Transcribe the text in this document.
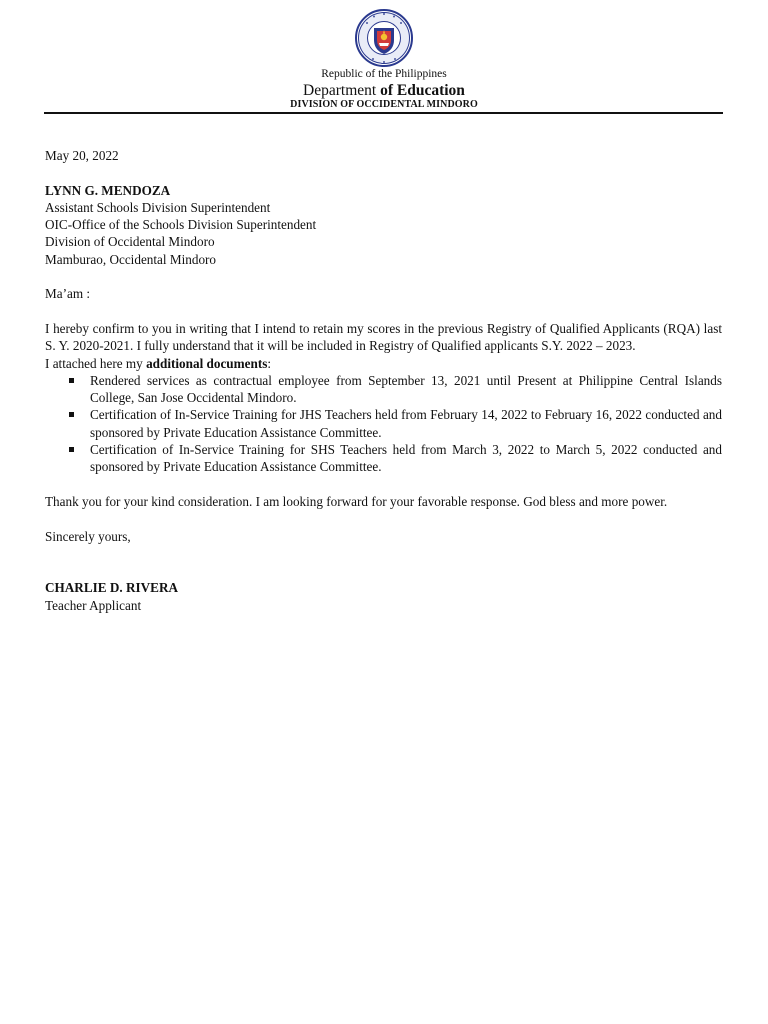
Republic of the Philippines
Department of Education
DIVISION OF OCCIDENTAL MINDORO

May 20, 2022

LYNN G. MENDOZA

Assistant Schools Division Superintendent

OIC-Office of the Schools Division Superintendent

Division of Occidental Mindoro

Mamburao, Occidental Mindoro

Ma’am :

I hereby confirm to you in writing that I intend to retain my scores in the previous Registry of Qualified Applicants (RQA) last S. Y. 2020-2021. I fully understand that it will be included in Registry of Qualified applicants S.Y. 2022 – 2023.

I attached here my additional documents:

Rendered services as contractual employee from September 13, 2021 until Present at Philippine Central Islands College, San Jose Occidental Mindoro.
Certification of In-Service Training for JHS Teachers held from February 14, 2022 to February 16, 2022 conducted and sponsored by Private Education Assistance Committee.
Certification of In-Service Training for SHS Teachers held from March 3, 2022 to March 5, 2022 conducted and sponsored by Private Education Assistance Committee.

Thank you for your kind consideration. I am looking forward for your favorable response. God bless and more power.

Sincerely yours,

CHARLIE D. RIVERA

Teacher Applicant
